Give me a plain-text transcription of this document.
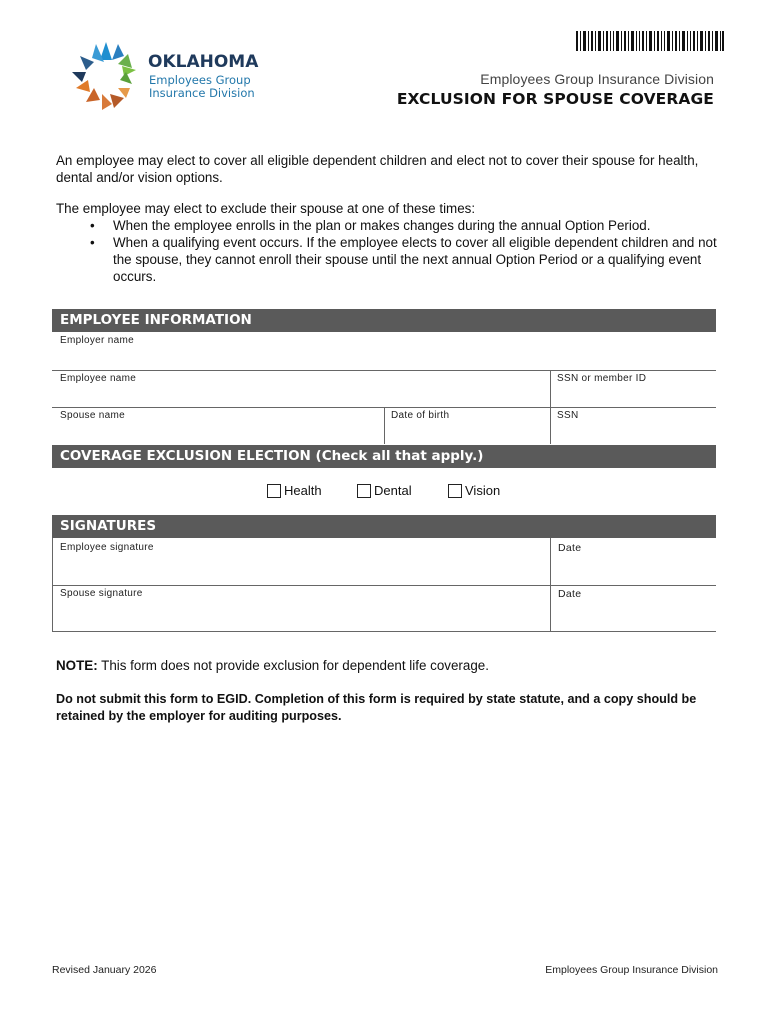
OKLAHOMA
Employees Group
Insurance Division
Employees Group Insurance Division
EXCLUSION FOR SPOUSE COVERAGE
An employee may elect to cover all eligible dependent children and elect not to cover their spouse for health, dental and/or vision options.
The employee may elect to exclude their spouse at one of these times:
• When the employee enrolls in the plan or makes changes during the annual Option Period.
• When a qualifying event occurs. If the employee elects to cover all eligible dependent children and not the spouse, they cannot enroll their spouse until the next annual Option Period or a qualifying event occurs.
EMPLOYEE INFORMATION
Employer name
Employee name	SSN or member ID
Spouse name	Date of birth	SSN
COVERAGE EXCLUSION ELECTION (Check all that apply.)
Health	Dental	Vision
SIGNATURES
Employee signature	Date
Spouse signature	Date
NOTE: This form does not provide exclusion for dependent life coverage.
Do not submit this form to EGID. Completion of this form is required by state statute, and a copy should be retained by the employer for auditing purposes.
Revised January 2026	Employees Group Insurance Division
